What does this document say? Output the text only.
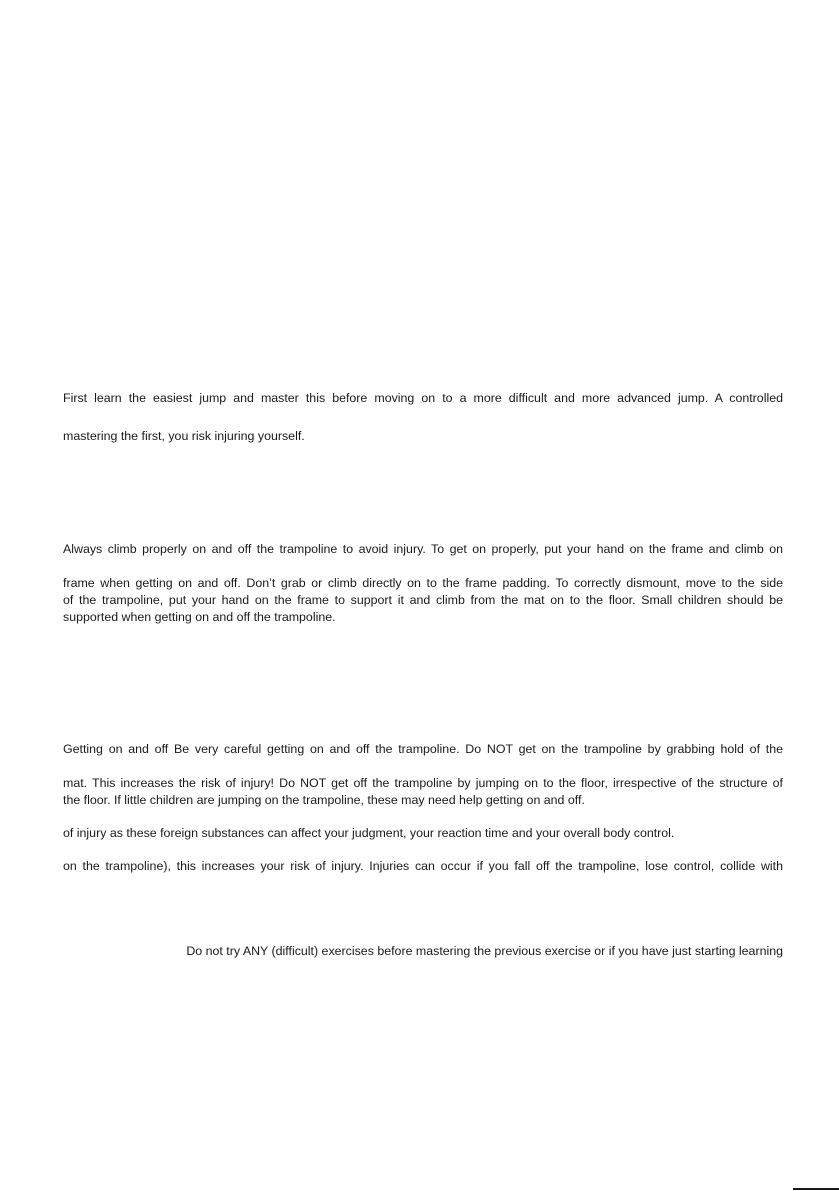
First learn the easiest jump and master this before moving on to a more difficult and more advanced jump. A controlled

mastering the first, you risk injuring yourself.

Always climb properly on and off the trampoline to avoid injury. To get on properly, put your hand on the frame and climb on

frame when getting on and off. Don’t grab or climb directly on to the frame padding. To correctly dismount, move to the side

of the trampoline, put your hand on the frame to support it and climb from the mat on to the floor. Small children should be

supported when getting on and off the trampoline.

Getting on and off Be very careful getting on and off the trampoline. Do NOT get on the trampoline by grabbing hold of the

mat. This increases the risk of injury! Do NOT get off the trampoline by jumping on to the floor, irrespective of the structure of

the floor. If little children are jumping on the trampoline, these may need help getting on and off.

of injury as these foreign substances can affect your judgment, your reaction time and your overall body control.

on the trampoline), this increases your risk of injury. Injuries can occur if you fall off the trampoline, lose control, collide with

Do not try ANY (difficult) exercises before mastering the previous exercise or if you have just starting learning
